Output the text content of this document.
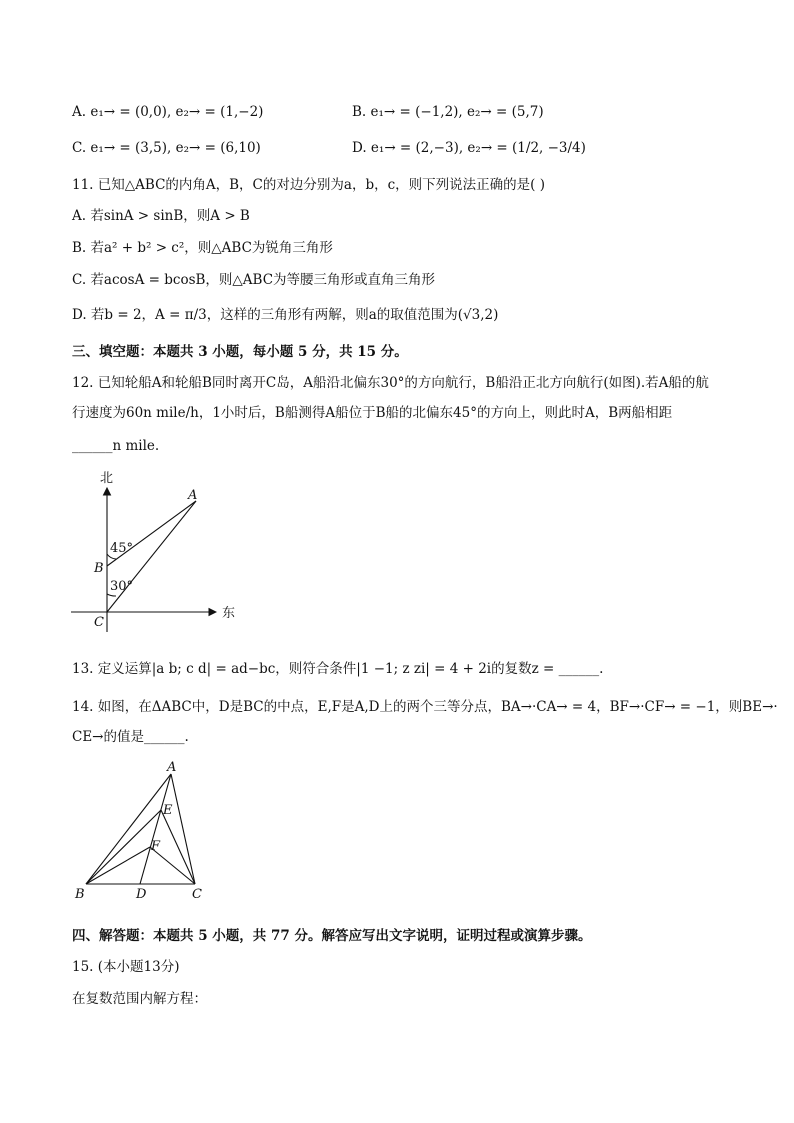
A. e₁→ = (0,0), e₂→ = (1,−2)	B. e₁→ = (−1,2), e₂→ = (5,7)
C. e₁→ = (3,5), e₂→ = (6,10)	D. e₁→ = (2,−3), e₂→ = (1/2, −3/4)
11. 已知△ABC的内角A，B，C的对边分别为a，b，c，则下列说法正确的是( )
A. 若sinA > sinB，则A > B
B. 若a² + b² > c²，则△ABC为锐角三角形
C. 若acosA = bcosB，则△ABC为等腰三角形或直角三角形
D. 若b = 2，A = π/3，这样的三角形有两解，则a的取值范围为(√3,2)
三、填空题：本题共 3 小题，每小题 5 分，共 15 分。
12. 已知轮船A和轮船B同时离开C岛，A船沿北偏东30°的方向航行，B船沿正北方向航行(如图).若A船的航
行速度为60n mile/h，1小时后，B船测得A船位于B船的北偏东45°的方向上，则此时A，B两船相距
______n mile.
北
东
A
B
C
45°
30°
13. 定义运算|a b; c d| = ad−bc，则符合条件|1 −1; z zi| = 4 + 2i的复数z = ______.
14. 如图，在ΔABC中，D是BC的中点，E,F是A,D上的两个三等分点，BA→·CA→ = 4，BF→·CF→ = −1，则BE→·
CE→的值是______.
A
E
F
B	D	C
四、解答题：本题共 5 小题，共 77 分。解答应写出文字说明，证明过程或演算步骤。
15. (本小题13分)
在复数范围内解方程：
